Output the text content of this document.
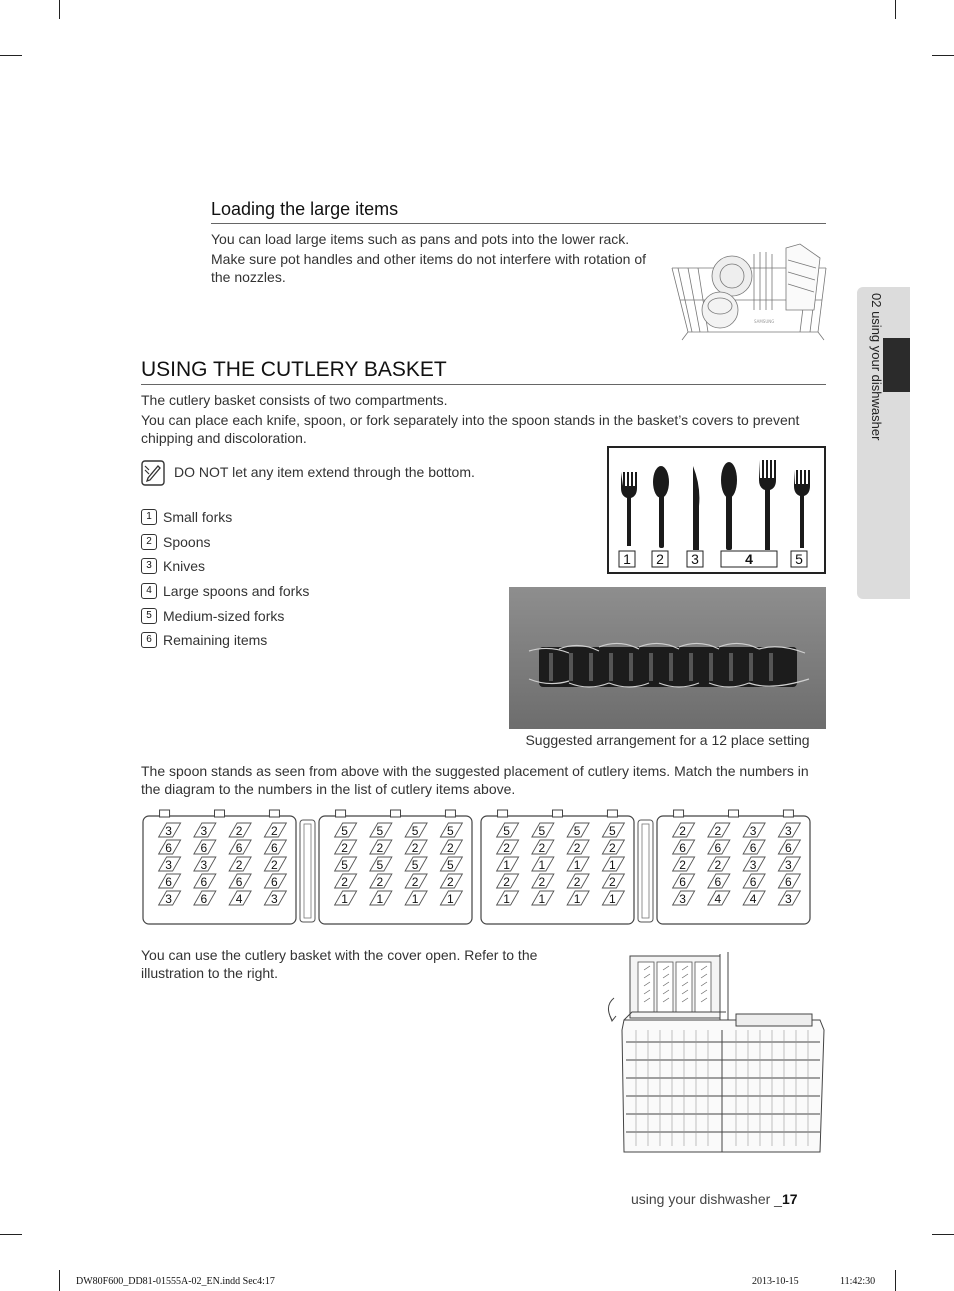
02 using your dishwasher
Loading the large items
You can load large items such as pans and pots into the lower rack.
Make sure pot handles and other items do not interfere with rotation of the nozzles.
SAMSUNG
USING THE CUTLERY BASKET
The cutlery basket consists of two compartments.
You can place each knife, spoon, or fork separately into the spoon stands in the basket’s covers to prevent chipping and discoloration.
DO NOT let any item extend through the bottom.
1 Small forks
2 Spoons
3 Knives
4 Large spoons and forks
5 Medium-sized forks
6 Remaining items
1 2 3	4	5
Suggested arrangement for a 12 place setting
The spoon stands as seen from above with the suggested placement of cutlery items. Match the numbers in the diagram to the numbers in the list of cutlery items above.
3 3 2 2
6 6 6 6
3 3 2 2
6 6 6 6
3 6 4 3
5 5 5 5
2 2 2 2
5 5 5 5
2 2 2 2
1 1 1 1
5 5 5 5
2 2 2 2
1 1 1 1
2 2 2 2
1 1 1 1
2 2 3 3
6 6 6 6
2 2 3 3
6 6 6 6
3 4 4 3
You can use the cutlery basket with the cover open. Refer to the illustration to the right.
using your dishwasher _17
DW80F600_DD81-01555A-02_EN.indd Sec4:17	2013-10-15	11:42:30
